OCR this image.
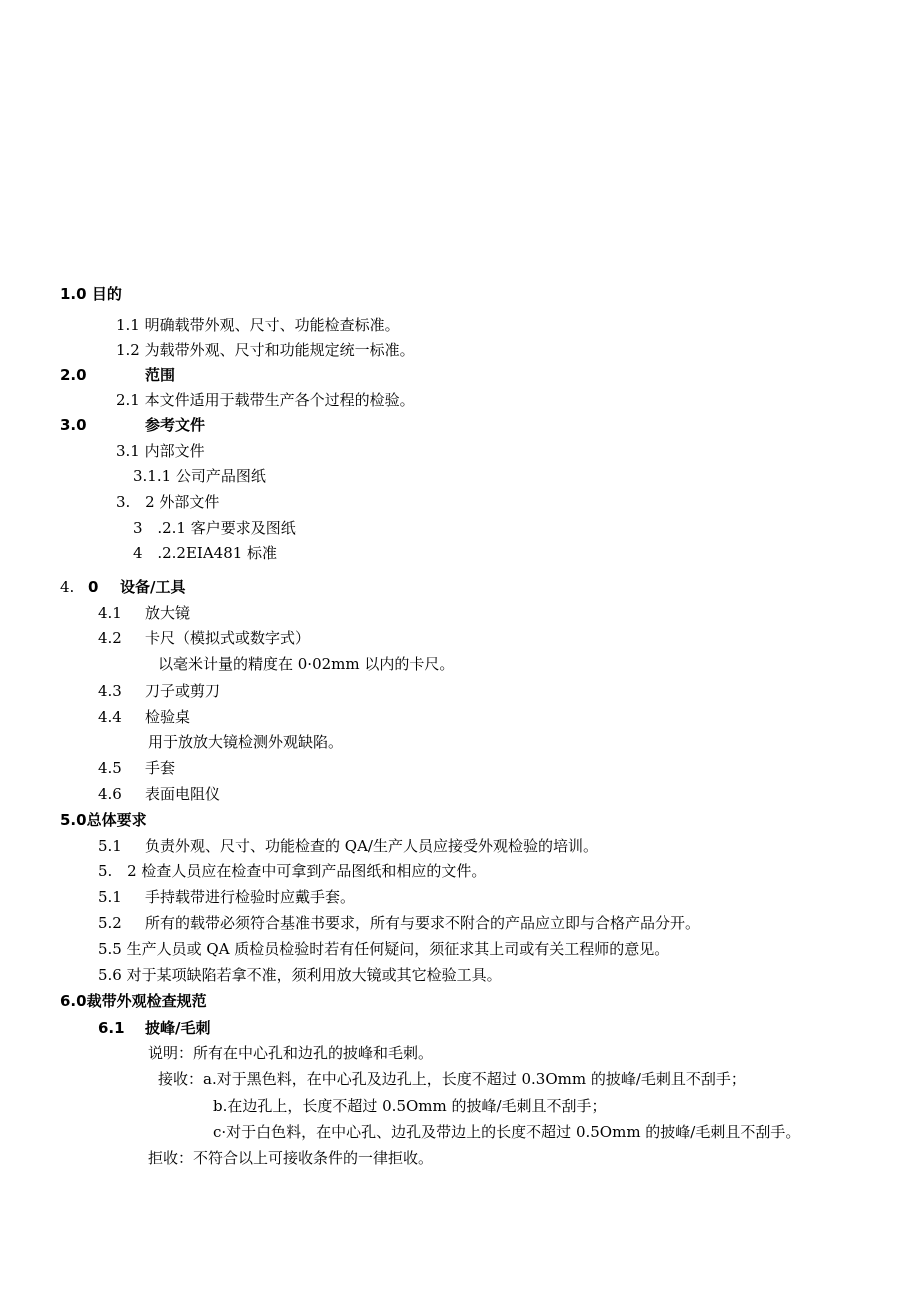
1.0 目的
1.1 明确载带外观、尺寸、功能检查标准。
1.2 为载带外观、尺寸和功能规定统一标准。
2.0	范围
2.1 本文件适用于载带生产各个过程的检验。
3.0	参考文件
3.1 内部文件
3.1.1 公司产品图纸
3. 2 外部文件
3 .2.1 客户要求及图纸
4 .2.2EIA481 标准
4. 0 设备/工具
4.1 放大镜
4.2 卡尺（模拟式或数字式）
以毫米计量的精度在 0·02mm 以内的卡尺。
4.3 刀子或剪刀
4.4 检验桌
用于放放大镜检测外观缺陷。
4.5 手套
4.6 表面电阻仪
5.0总体要求
5.1 负责外观、尺寸、功能检查的 QA/生产人员应接受外观检验的培训。
5. 2 检查人员应在检查中可拿到产品图纸和相应的文件。
5.1 手持载带进行检验时应戴手套。
5.2 所有的载带必须符合基准书要求，所有与要求不附合的产品应立即与合格产品分开。
5.5 生产人员或 QA 质检员检验时若有任何疑问，须征求其上司或有关工程师的意见。
5.6 对于某项缺陷若拿不准，须利用放大镜或其它检验工具。
6.0裁带外观检查规范
6.1 披峰/毛刺
说明：所有在中心孔和边孔的披峰和毛刺。
接收：a.对于黑色料，在中心孔及边孔上，长度不超过 0.3Omm 的披峰/毛刺且不刮手；
b.在边孔上，长度不超过 0.5Omm 的披峰/毛刺且不刮手；
c·对于白色料，在中心孔、边孔及带边上的长度不超过 0.5Omm 的披峰/毛刺且不刮手。
拒收：不符合以上可接收条件的一律拒收。
